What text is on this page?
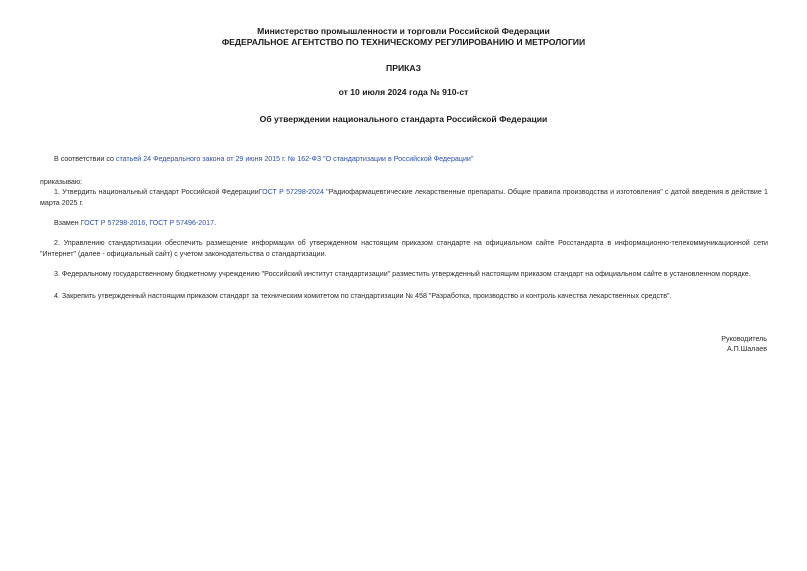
Министерство промышленности и торговли Российской Федерации
ФЕДЕРАЛЬНОЕ АГЕНТСТВО ПО ТЕХНИЧЕСКОМУ РЕГУЛИРОВАНИЮ И МЕТРОЛОГИИ
ПРИКАЗ
от 10 июля 2024 года № 910-ст
Об утверждении национального стандарта Российской Федерации
В соответствии со статьей 24 Федерального закона от 29 июня 2015 г. № 162-ФЗ "О стандартизации в Российской Федерации"
приказываю:
1. Утвердить национальный стандарт Российской ФедерацииГОСТ Р 57298-2024 "Радиофармацевтические лекарственные препараты. Общие правила производства и изготовления" с датой введения в действие 1 марта 2025 г.
Взамен ГОСТ Р 57298-2016, ГОСТ Р 57496-2017.
2. Управлению стандартизации обеспечить размещение информации об утвержденном настоящим приказом стандарте на официальном сайте Росстандарта в информационно-телекоммуникационной сети "Интернет" (далее - официальный сайт) с учетом законодательства о стандартизации.
3. Федеральному государственному бюджетному учреждению "Российский институт стандартизации" разместить утвержденный настоящим приказом стандарт на официальном сайте в установленном порядке.
4. Закрепить утвержденный настоящим приказом стандарт за техническим комитетом по стандартизации № 458 "Разработка, производство и контроль качества лекарственных средств".
Руководитель
А.П.Шалаев
